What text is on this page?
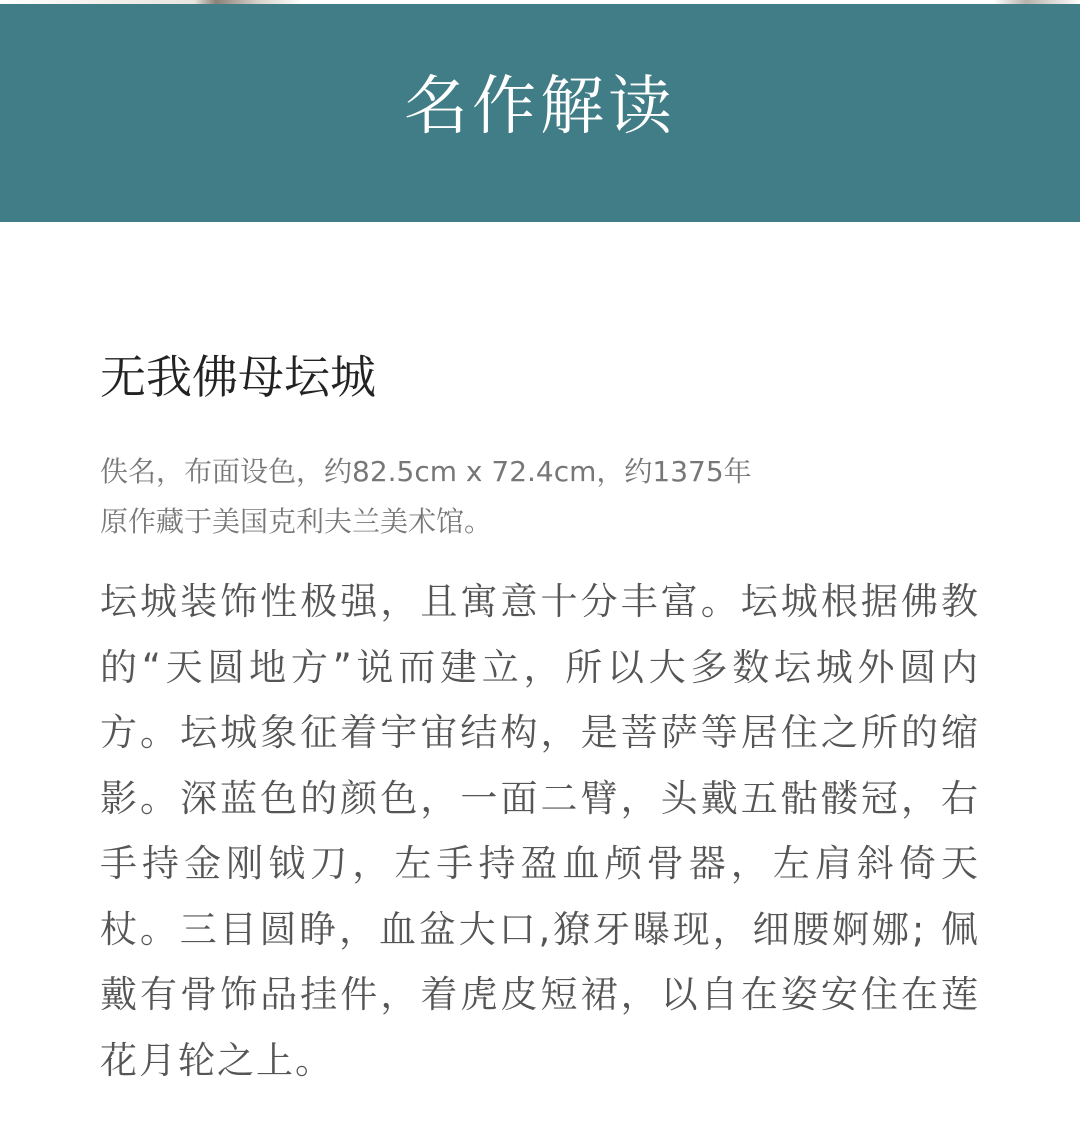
名作解读
无我佛母坛城
佚名，布面设色，约82.5cm x 72.4cm，约1375年
原作藏于美国克利夫兰美术馆。
坛城装饰性极强，且寓意十分丰富。坛城根据佛教的“天圆地方”说而建立，所以大多数坛城外圆内方。坛城象征着宇宙结构，是菩萨等居住之所的缩影。深蓝色的颜色，一面二臂，头戴五骷髅冠，右手持金刚钺刀，左手持盈血颅骨器，左肩斜倚天杖。三目圆睁，血盆大口,獠牙曝现，细腰婀娜; 佩戴有骨饰品挂件，着虎皮短裙，以自在姿安住在莲花月轮之上。
